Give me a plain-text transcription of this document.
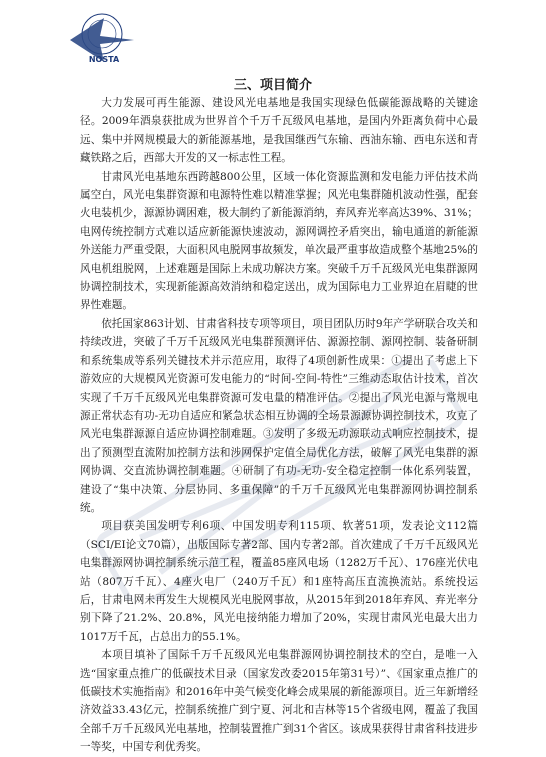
NOSTA
三、项目简介

大力发展可再生能源、建设风光电基地是我国实现绿色低碳能源战略的关键途径。2009年酒泉获批成为世界首个千万千瓦级风电基地，是国内外距离负荷中心最远、集中并网规模最大的新能源基地，是我国继西气东输、西油东输、西电东送和青藏铁路之后，西部大开发的又一标志性工程。

甘肃风光电基地东西跨越800公里，区域一体化资源监测和发电能力评估技术尚属空白，风光电集群资源和电源特性难以精准掌握；风光电集群随机波动性强，配套火电装机少，源源协调困难，极大制约了新能源消纳，弃风弃光率高达39%、31%；电网传统控制方式难以适应新能源快速波动，源网调控矛盾突出，输电通道的新能源外送能力严重受限，大面积风电脱网事故频发，单次最严重事故造成整个基地25%的风电机组脱网，上述难题是国际上未成功解决方案。突破千万千瓦级风光电集群源网协调控制技术，实现新能源高效消纳和稳定送出，成为国际电力工业界迫在眉睫的世界性难题。

依托国家863计划、甘肃省科技专项等项目，项目团队历时9年产学研联合攻关和持续改进，突破了千万千瓦级风光电集群预测评估、源源控制、源网控制、装备研制和系统集成等系列关键技术并示范应用，取得了4项创新性成果：①提出了考虑上下游效应的大规模风光资源可发电能力的“时间-空间-特性”三维动态取估计技术，首次实现了千万千瓦级风光电集群资源可发电量的精准评估。②提出了风光电源与常规电源正常状态有功-无功自适应和紧急状态相互协调的全场景源源协调控制技术，攻克了风光电集群源源自适应协调控制难题。③发明了多级无功源联动式响应控制技术，提出了预测型直流附加控制方法和涉网保护定值全局优化方法，破解了风光电集群的源网协调、交直流协调控制难题。④研制了有功-无功-安全稳定控制一体化系列装置，建设了“集中决策、分层协同、多重保障”的千万千瓦级风光电集群源网协调控制系统。

项目获美国发明专利6项、中国发明专利115项、软著51项，发表论文112篇（SCI/EI论文70篇），出版国际专著2部、国内专著2部。首次建成了千万千瓦级风光电集群源网协调控制系统示范工程，覆盖85座风电场（1282万千瓦）、176座光伏电站（807万千瓦）、4座火电厂（240万千瓦）和1座特高压直流换流站。系统投运后，甘肃电网未再发生大规模风光电脱网事故，从2015年到2018年弃风、弃光率分别下降了21.2%、20.8%，风光电接纳能力增加了20%，实现甘肃风光电最大出力1017万千瓦，占总出力的55.1%。

本项目填补了国际千万千瓦级风光电集群源网协调控制技术的空白，是唯一入选“国家重点推广的低碳技术目录（国家发改委2015年第31号）”、《国家重点推广的低碳技术实施指南》和2016年中美气候变化峰会成果展的新能源项目。近三年新增经济效益33.43亿元，控制系统推广到宁夏、河北和吉林等15个省级电网，覆盖了我国全部千万千瓦级风光电基地，控制装置推广到31个省区。该成果获得甘肃省科技进步一等奖，中国专利优秀奖。
